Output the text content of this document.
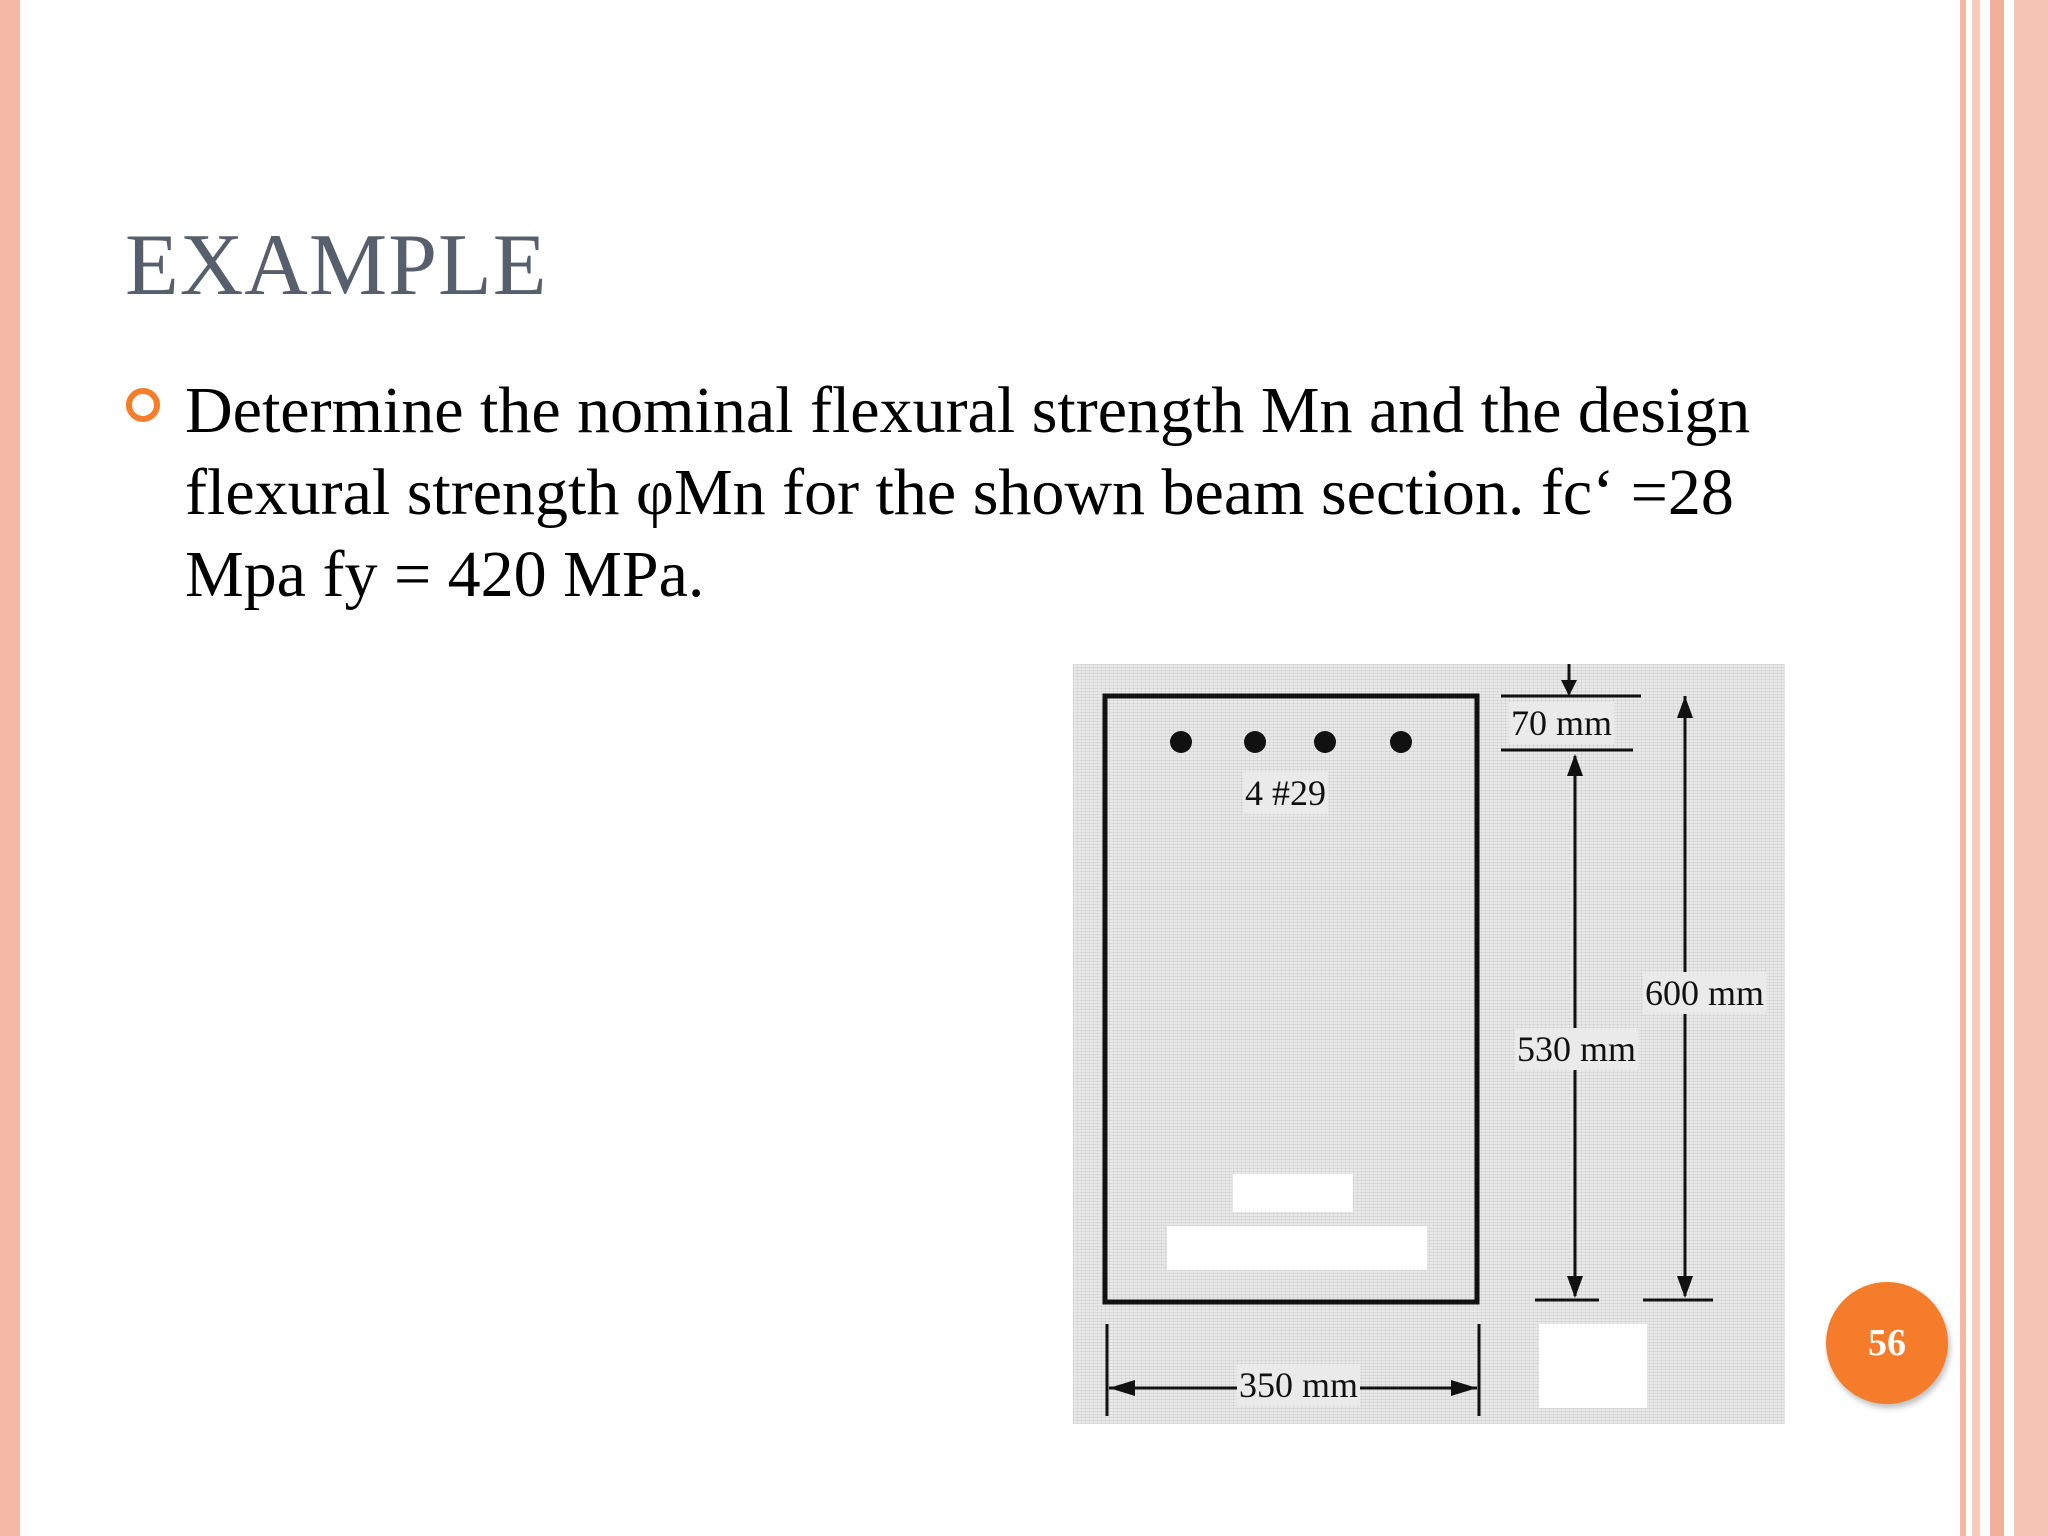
EXAMPLE

Determine the nominal flexural strength Mn and the design flexural strength φMn for the shown beam section. fc‘ =28 Mpa fy = 420 MPa.

4 #29
70 mm
530 mm
600 mm
350 mm
56
